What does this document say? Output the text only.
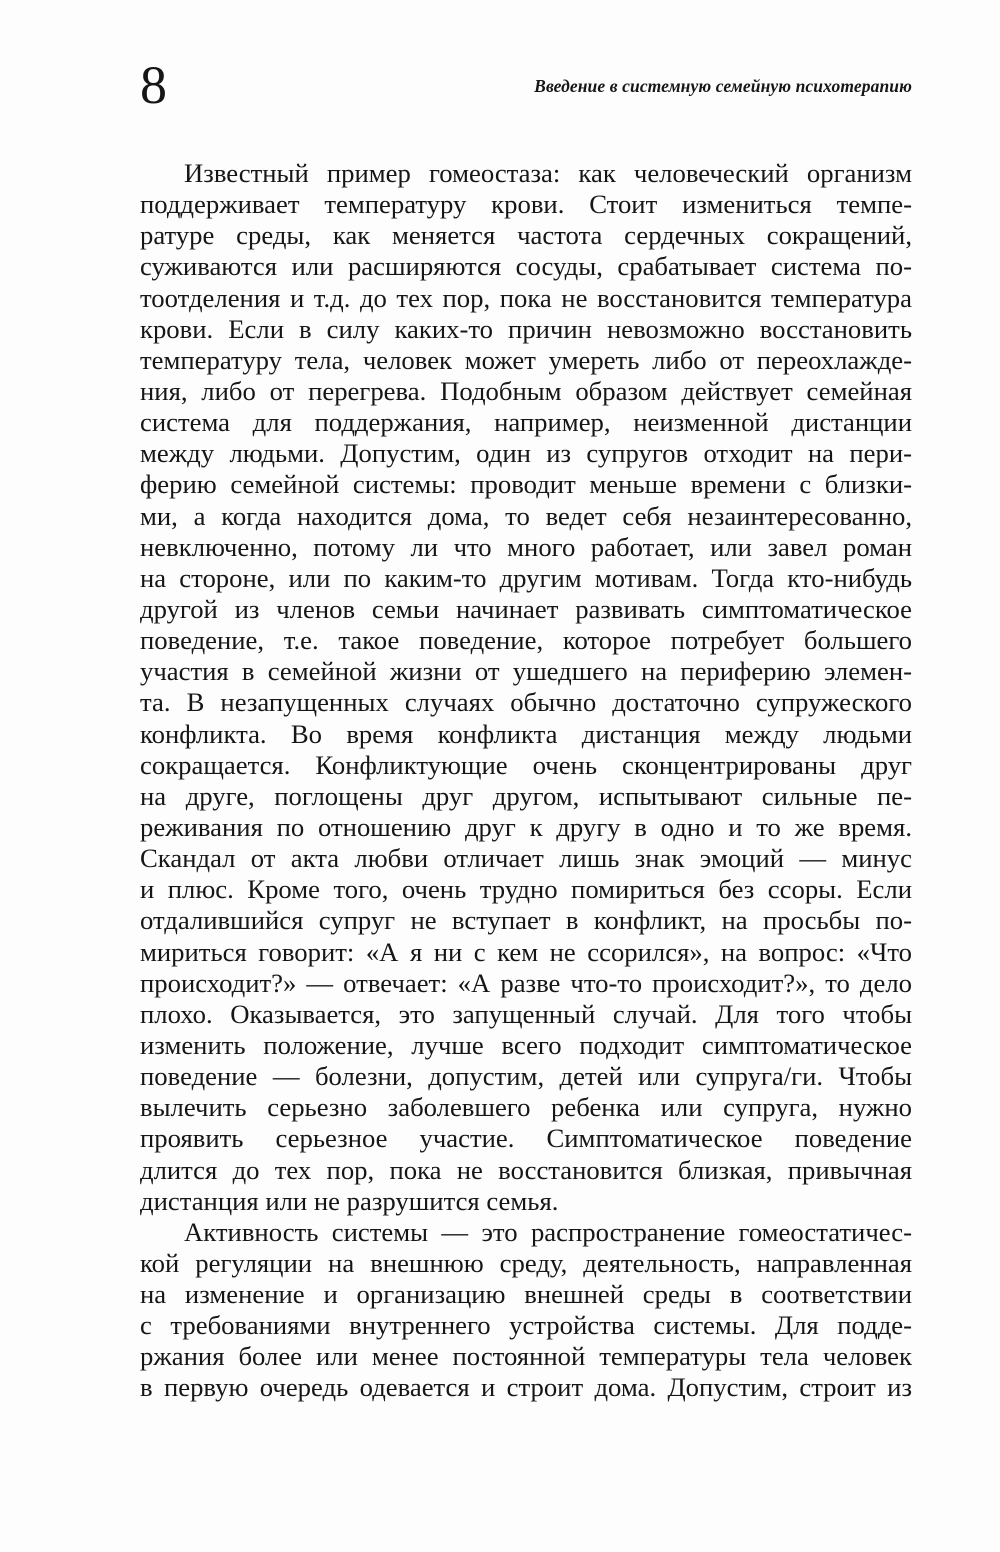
8	Введение в системную семейную психотерапию
Известный пример гомеостаза: как человеческий организм
поддерживает температуру крови. Стоит измениться темпе-
ратуре среды, как меняется частота сердечных сокращений,
суживаются или расширяются сосуды, срабатывает система по-
тоотделения и т.д. до тех пор, пока не восстановится температура
крови. Если в силу каких-то причин невозможно восстановить
температуру тела, человек может умереть либо от переохлажде-
ния, либо от перегрева. Подобным образом действует семейная
система для поддержания, например, неизменной дистанции
между людьми. Допустим, один из супругов отходит на пери-
ферию семейной системы: проводит меньше времени с близки-
ми, а когда находится дома, то ведет себя незаинтересованно,
невключенно, потому ли что много работает, или завел роман
на стороне, или по каким-то другим мотивам. Тогда кто-нибудь
другой из членов семьи начинает развивать симптоматическое
поведение, т.е. такое поведение, которое потребует большего
участия в семейной жизни от ушедшего на периферию элемен-
та. В незапущенных случаях обычно достаточно супружеского
конфликта. Во время конфликта дистанция между людьми
сокращается. Конфликтующие очень сконцентрированы друг
на друге, поглощены друг другом, испытывают сильные пе-
реживания по отношению друг к другу в одно и то же время.
Скандал от акта любви отличает лишь знак эмоций — минус
и плюс. Кроме того, очень трудно помириться без ссоры. Если
отдалившийся супруг не вступает в конфликт, на просьбы по-
мириться говорит: «А я ни с кем не ссорился», на вопрос: «Что
происходит?» — отвечает: «А разве что-то происходит?», то дело
плохо. Оказывается, это запущенный случай. Для того чтобы
изменить положение, лучше всего подходит симптоматическое
поведение — болезни, допустим, детей или супруга/ги. Чтобы
вылечить серьезно заболевшего ребенка или супруга, нужно
проявить серьезное участие. Симптоматическое поведение
длится до тех пор, пока не восстановится близкая, привычная
дистанция или не разрушится семья.
Активность системы — это распространение гомеостатичес-
кой регуляции на внешнюю среду, деятельность, направленная
на изменение и организацию внешней среды в соответствии
с требованиями внутреннего устройства системы. Для подде-
ржания более или менее постоянной температуры тела человек
в первую очередь одевается и строит дома. Допустим, строит из
